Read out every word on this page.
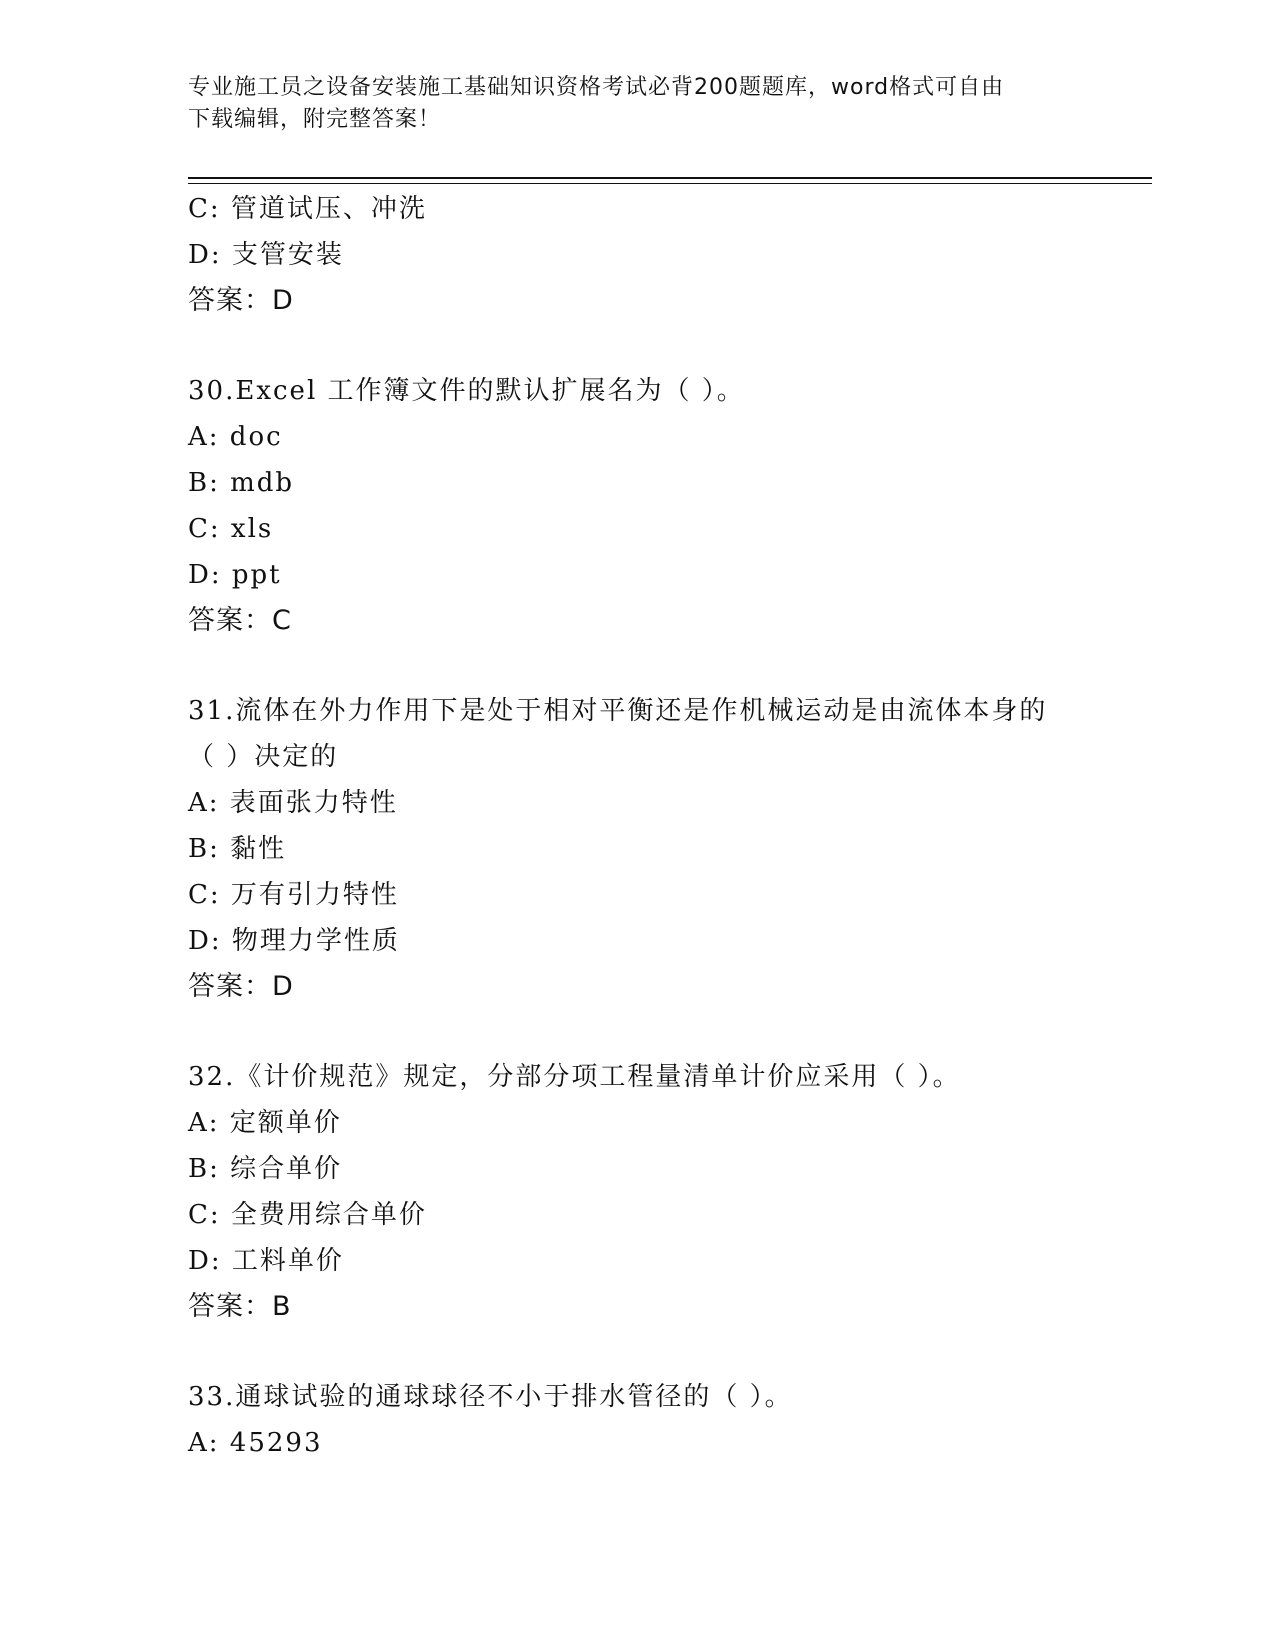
专业施工员之设备安装施工基础知识资格考试必背200题题库，word格式可自由
下载编辑，附完整答案！
C: 管道试压、冲洗
D: 支管安装
答案：D
30.Excel 工作簿文件的默认扩展名为（ ）。
A: doc
B: mdb
C: xls
D: ppt
答案：C
31.流体在外力作用下是处于相对平衡还是作机械运动是由流体本身的
（ ）决定的
A: 表面张力特性
B: 黏性
C: 万有引力特性
D: 物理力学性质
答案：D
32.《计价规范》规定，分部分项工程量清单计价应采用（ ）。
A: 定额单价
B: 综合单价
C: 全费用综合单价
D: 工料单价
答案：B
33.通球试验的通球球径不小于排水管径的（ ）。
A: 45293
